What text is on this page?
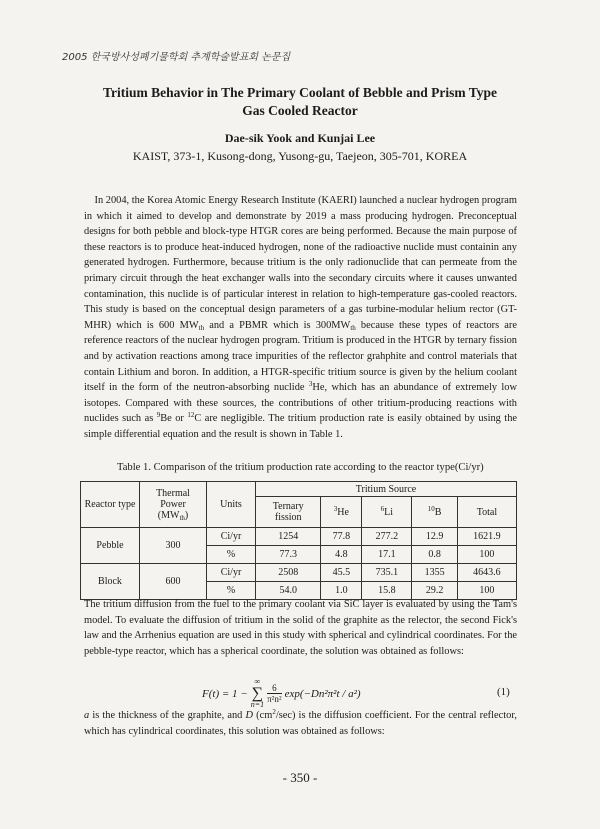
2005 한국방사성폐기물학회 추계학술발표회 논문집
Tritium Behavior in The Primary Coolant of Bebble and Prism Type
Gas Cooled Reactor
Dae-sik Yook and Kunjai Lee
KAIST, 373-1, Kusong-dong, Yusong-gu, Taejeon, 305-701, KOREA

In 2004, the Korea Atomic Energy Research Institute (KAERI) launched a nuclear hydrogen program in which it aimed to develop and demonstrate by 2019 a mass producing hydrogen. Preconceptual designs for both pebble and block-type HTGR cores are being performed. Because the main purpose of these reactors is to produce heat-induced hydrogen, none of the radioactive nuclide must containin any generated hydrogen. Furthermore, because tritium is the only radionuclide that can permeate from the primary circuit through the heat exchanger walls into the secondary circuits where it causes unwanted contamination, this nuclide is of particular interest in relation to high-temperature gas-cooled reactors. This study is based on the conceptual design parameters of a gas turbine-modular helium rector (GT-MHR) which is 600 $MW_{th}$ and a PBMR which is $300MW_{th}$ because these types of reactors are reference reactors of the nuclear hydrogen program. Tritium is produced in the HTGR by ternary fission and by activation reactions among trace impurities of the reflector grahphite and control materials that contain Lithium and boron. In addition, a HTGR-specific tritium source is given by the helium coolant itself in the form of the neutron-absorbing nuclide $^3$He, which has an abundance of extremely low isotopes. Compared with these sources, the contributions of other tritium-producing reactions with nuclides such as $^9$Be or $^{12}$C are negligible. The tritium production rate is easily obtained by using the simple differential equation and the result is shown in Table 1.

Table 1. Comparison of the tritium production rate according to the reactor type(Ci/yr)
Reactor type	Thermal
Power
$(MW_{th})$	Units	Tritium Source				
			Ternary
fission	$^3$He	$^6$Li	$^{10}$B	Total
Pebble	300	Ci/yr	1254	77.8	277.2	12.9	1621.9
		%	77.3	4.8	17.1	0.8	100
Block	600	Ci/yr	2508	45.5	735.1	1355	4643.6
		%	54.0	1.0	15.8	29.2	100
The tritium diffusion from the fuel to the primary coolant via SiC layer is evaluated by using the Tam's model. To evaluate the diffusion of tritium in the solid of the graphite as the relector, the second Fick's law and the Arrhenius equation are used in this study with spherical and cylindrical coordinates. For the pebble-type reactor, which has a spherical coordinate, the solution was obtained as follows:
F(t) = 1 −
∞
∑
n=1
$\frac{6}{\text{π²n²}} \exp(-Dn^2\pi^2t / a^2)$	(1)

a is the thickness of the graphite, and D $(cm^2/\sec)$ is the diffusion coefficient. For the central reflector, which has cylindrical coordinates, this solution was obtained as follows:

- 350 -
